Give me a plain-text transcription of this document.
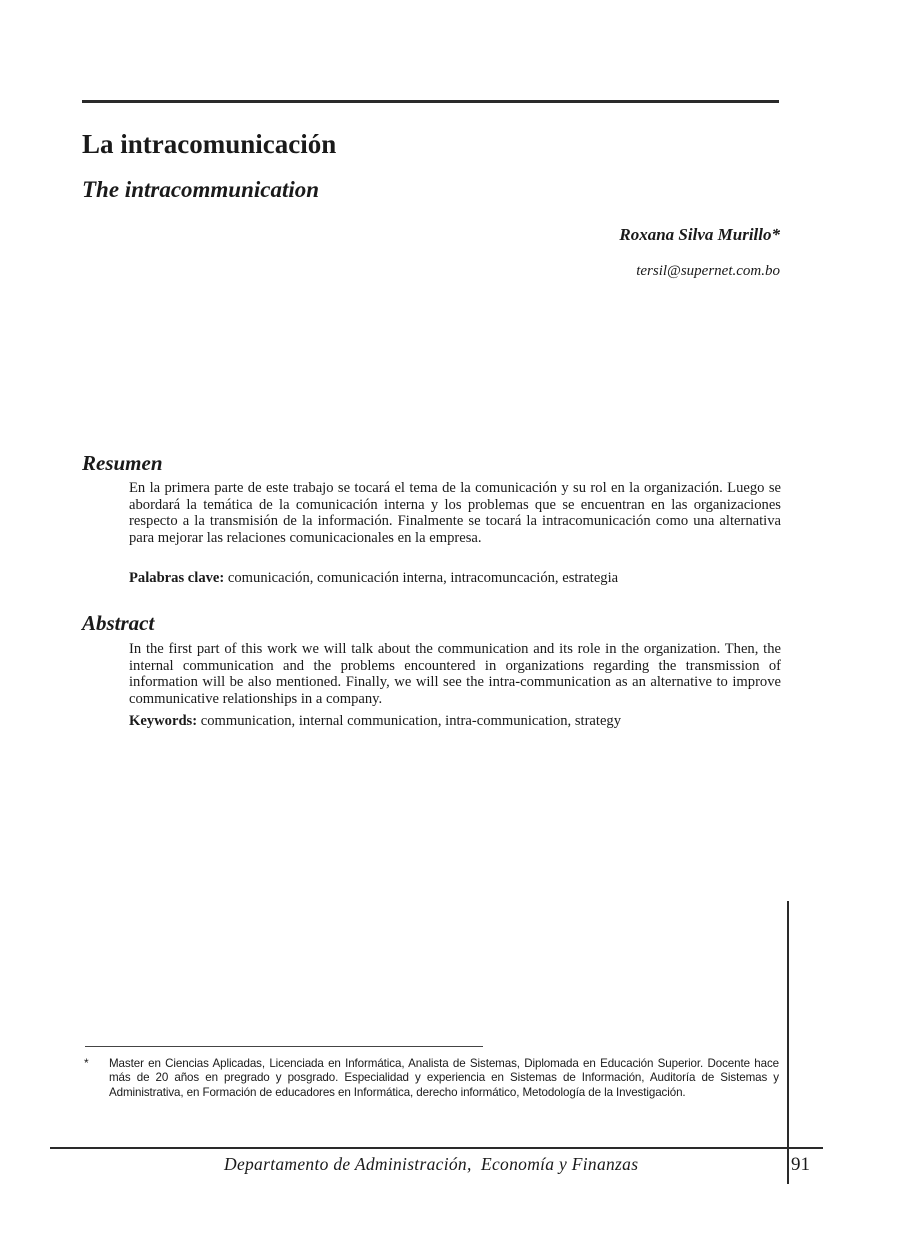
La intracomunicación
The intracommunication
Roxana Silva Murillo*
tersil@supernet.com.bo
Resumen

En la primera parte de este trabajo se tocará el tema de la comunicación y su rol en la organización. Luego se abordará la temática de la comunicación interna y los problemas que se encuentran en las organizaciones respecto a la transmisión de la información. Finalmente se tocará la intracomunicación como una alternativa para mejorar las relaciones comunicacionales en la empresa.

Palabras clave: comunicación, comunicación interna, intracomuncación, estrategia

Abstract

In the first part of this work we will talk about the communication and its role in the organization. Then, the internal communication and the problems encountered in organizations regarding the transmission of information will be also mentioned. Finally, we will see the intra-communication as an alternative to improve communicative relationships in a company.

Keywords: communication, internal communication, intra-communication, strategy

* Master en Ciencias Aplicadas, Licenciada en Informática, Analista de Sistemas, Diplomada en Educación Superior. Docente hace más de 20 años en pregrado y posgrado. Especialidad y experiencia en Sistemas de Información, Auditoría de Sistemas y Administrativa, en Formación de educadores en Informática, derecho informático, Metodología de la Investigación.

Departamento de Administración,  Economía y Finanzas	91
